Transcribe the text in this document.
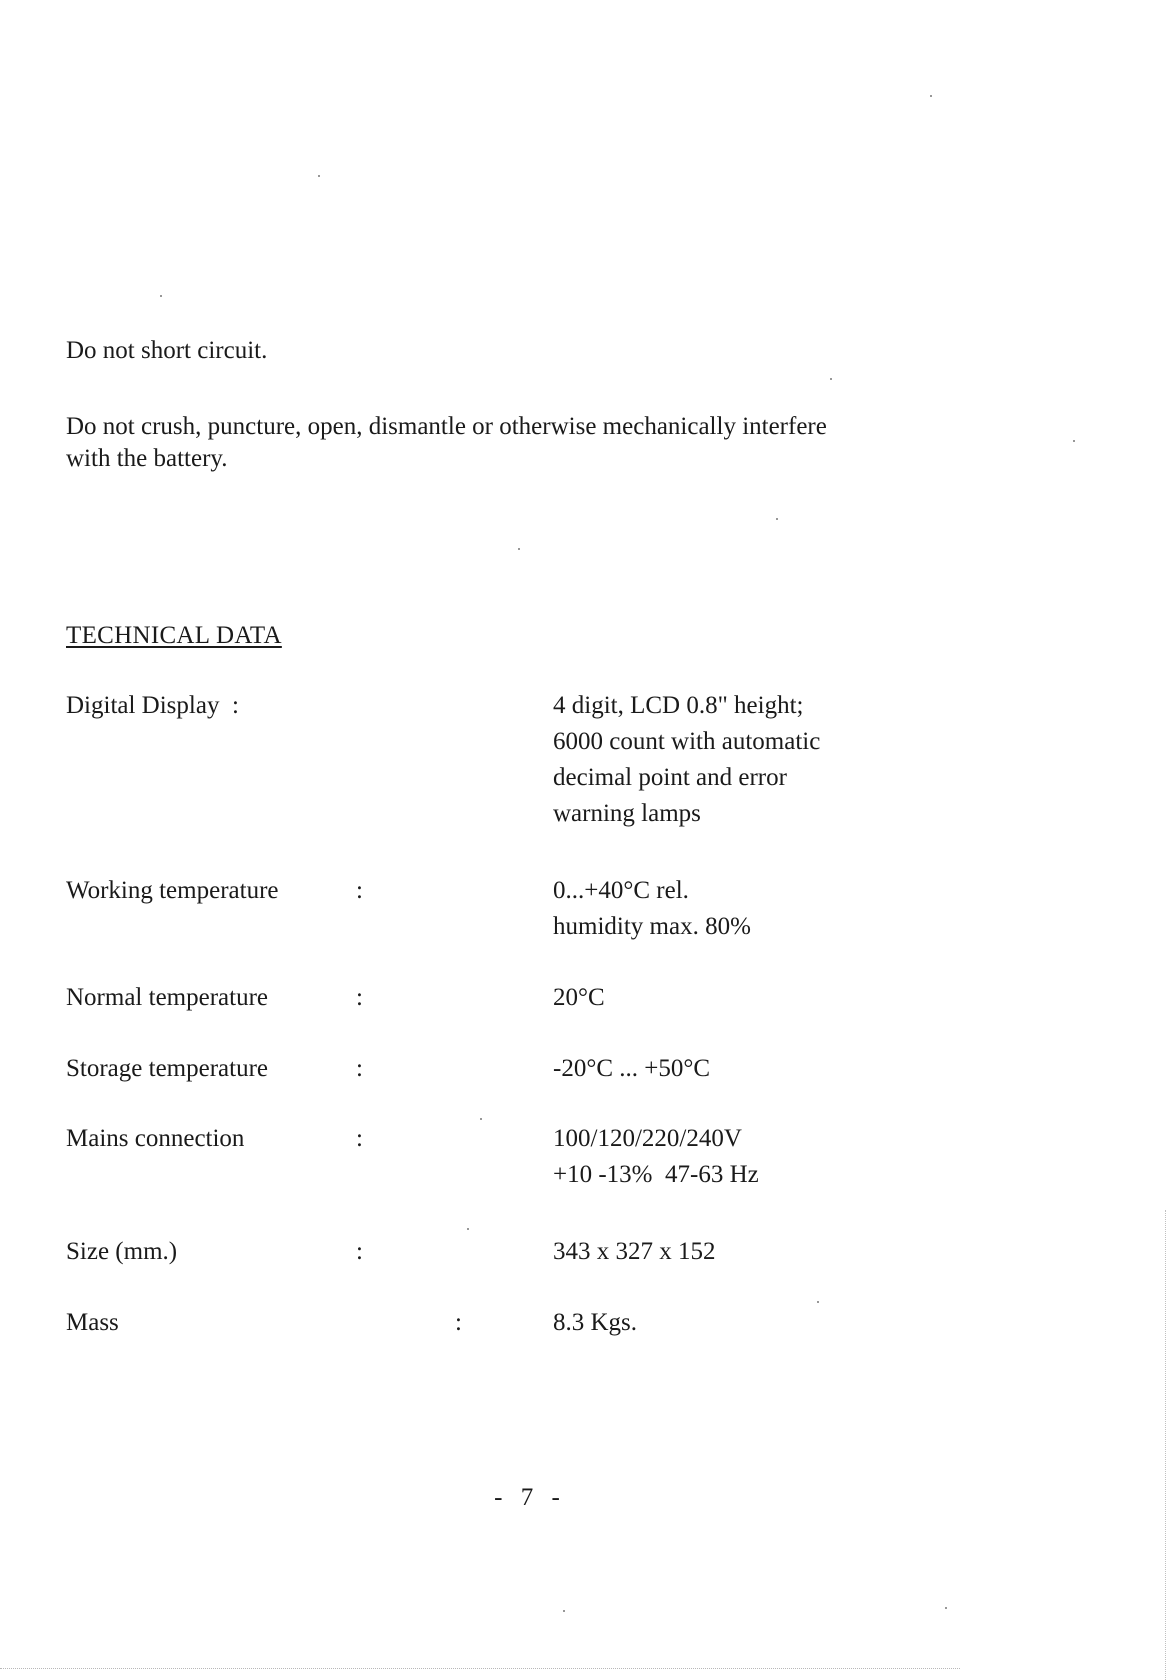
Do not short circuit.
Do not crush, puncture, open, dismantle or otherwise mechanically interfere
with the battery.
TECHNICAL DATA
Digital Display :	4 digit, LCD 0.8" height;
6000 count with automatic
decimal point and error
warning lamps
Working temperature	:	0...+40°C rel.
humidity max. 80%
Normal temperature	:	20°C
Storage temperature	:	-20°C ... +50°C
Mains connection	:	100/120/220/240V
+10 -13%  47-63 Hz
Size (mm.)	:	343 x 327 x 152
Mass	:	8.3 Kgs.
- 7 -
